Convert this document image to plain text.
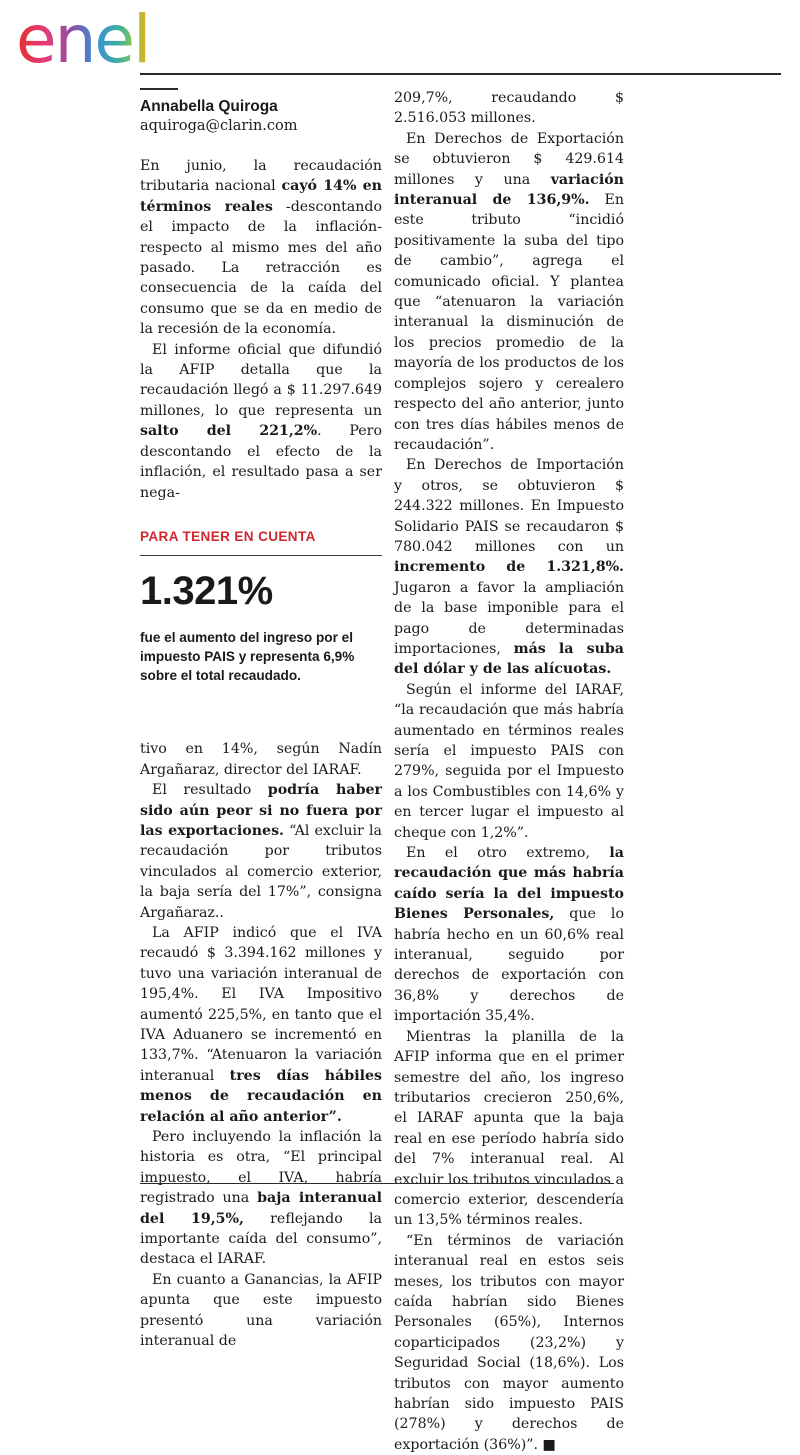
enel

Annabella Quiroga

aquiroga@clarin.com

En junio, la recaudación tributaria nacional cayó 14% en términos reales -descontando el impacto de la inflación- respecto al mismo mes del año pasado. La retracción es consecuencia de la caída del consumo que se da en medio de la recesión de la economía.

El informe oficial que difundió la AFIP detalla que la recaudación llegó a $ 11.297.649 millones, lo que representa un salto del 221,2%. Pero descontando el efecto de la inflación, el resultado pasa a ser nega-

PARA TENER EN CUENTA
1.321%
fue el aumento del ingreso por el impuesto PAIS y representa 6,9% sobre el total recaudado.

tivo en 14%, según Nadín Argañaraz, director del IARAF.

El resultado podría haber sido aún peor si no fuera por las exportaciones. “Al excluir la recaudación por tributos vinculados al comercio exterior, la baja sería del 17%”, consigna Argañaraz..

La AFIP indicó que el IVA recaudó $ 3.394.162 millones y tuvo una variación interanual de 195,4%. El IVA Impositivo aumentó 225,5%, en tanto que el IVA Aduanero se incrementó en 133,7%. “Atenuaron la variación interanual tres días hábiles menos de recaudación en relación al año anterior”.

Pero incluyendo la inflación la historia es otra, “El principal impuesto, el IVA, habría registrado una baja interanual del 19,5%, reflejando la importante caída del consumo”, destaca el IARAF.

En cuanto a Ganancias, la AFIP apunta que este impuesto presentó una variación interanual de

209,7%, recaudando $ 2.516.053 millones.

En Derechos de Exportación se obtuvieron $ 429.614 millones y una variación interanual de 136,9%. En este tributo “incidió positivamente la suba del tipo de cambio”, agrega el comunicado oficial. Y plantea que “atenuaron la variación interanual la disminución de los precios promedio de la mayoría de los productos de los complejos sojero y cerealero respecto del año anterior, junto con tres días hábiles menos de recaudación”.

En Derechos de Importación y otros, se obtuvieron $ 244.322 millones. En Impuesto Solidario PAIS se recaudaron $ 780.042 millones con un incremento de 1.321,8%. Jugaron a favor la ampliación de la base imponible para el pago de determinadas importaciones, más la suba del dólar y de las alícuotas.

Según el informe del IARAF, “la recaudación que más habría aumentado en términos reales sería el impuesto PAIS con 279%, seguida por el Impuesto a los Combustibles con 14,6% y en tercer lugar el impuesto al cheque con 1,2%”.

En el otro extremo, la recaudación que más habría caído sería la del impuesto Bienes Personales, que lo habría hecho en un 60,6% real interanual, seguido por derechos de exportación con 36,8% y derechos de importación 35,4%.

Mientras la planilla de la AFIP informa que en el primer semestre del año, los ingreso tributarios crecieron 250,6%, el IARAF apunta que la baja real en ese período habría sido del 7% interanual real. Al excluir los tributos vinculados a comercio exterior, descendería un 13,5% términos reales.

“En términos de variación interanual real en estos seis meses, los tributos con mayor caída habrían sido Bienes Personales (65%), Internos coparticipados (23,2%) y Seguridad Social (18,6%). Los tributos con mayor aumento habrían sido impuesto PAIS (278%) y derechos de exportación (36%)”. ■
